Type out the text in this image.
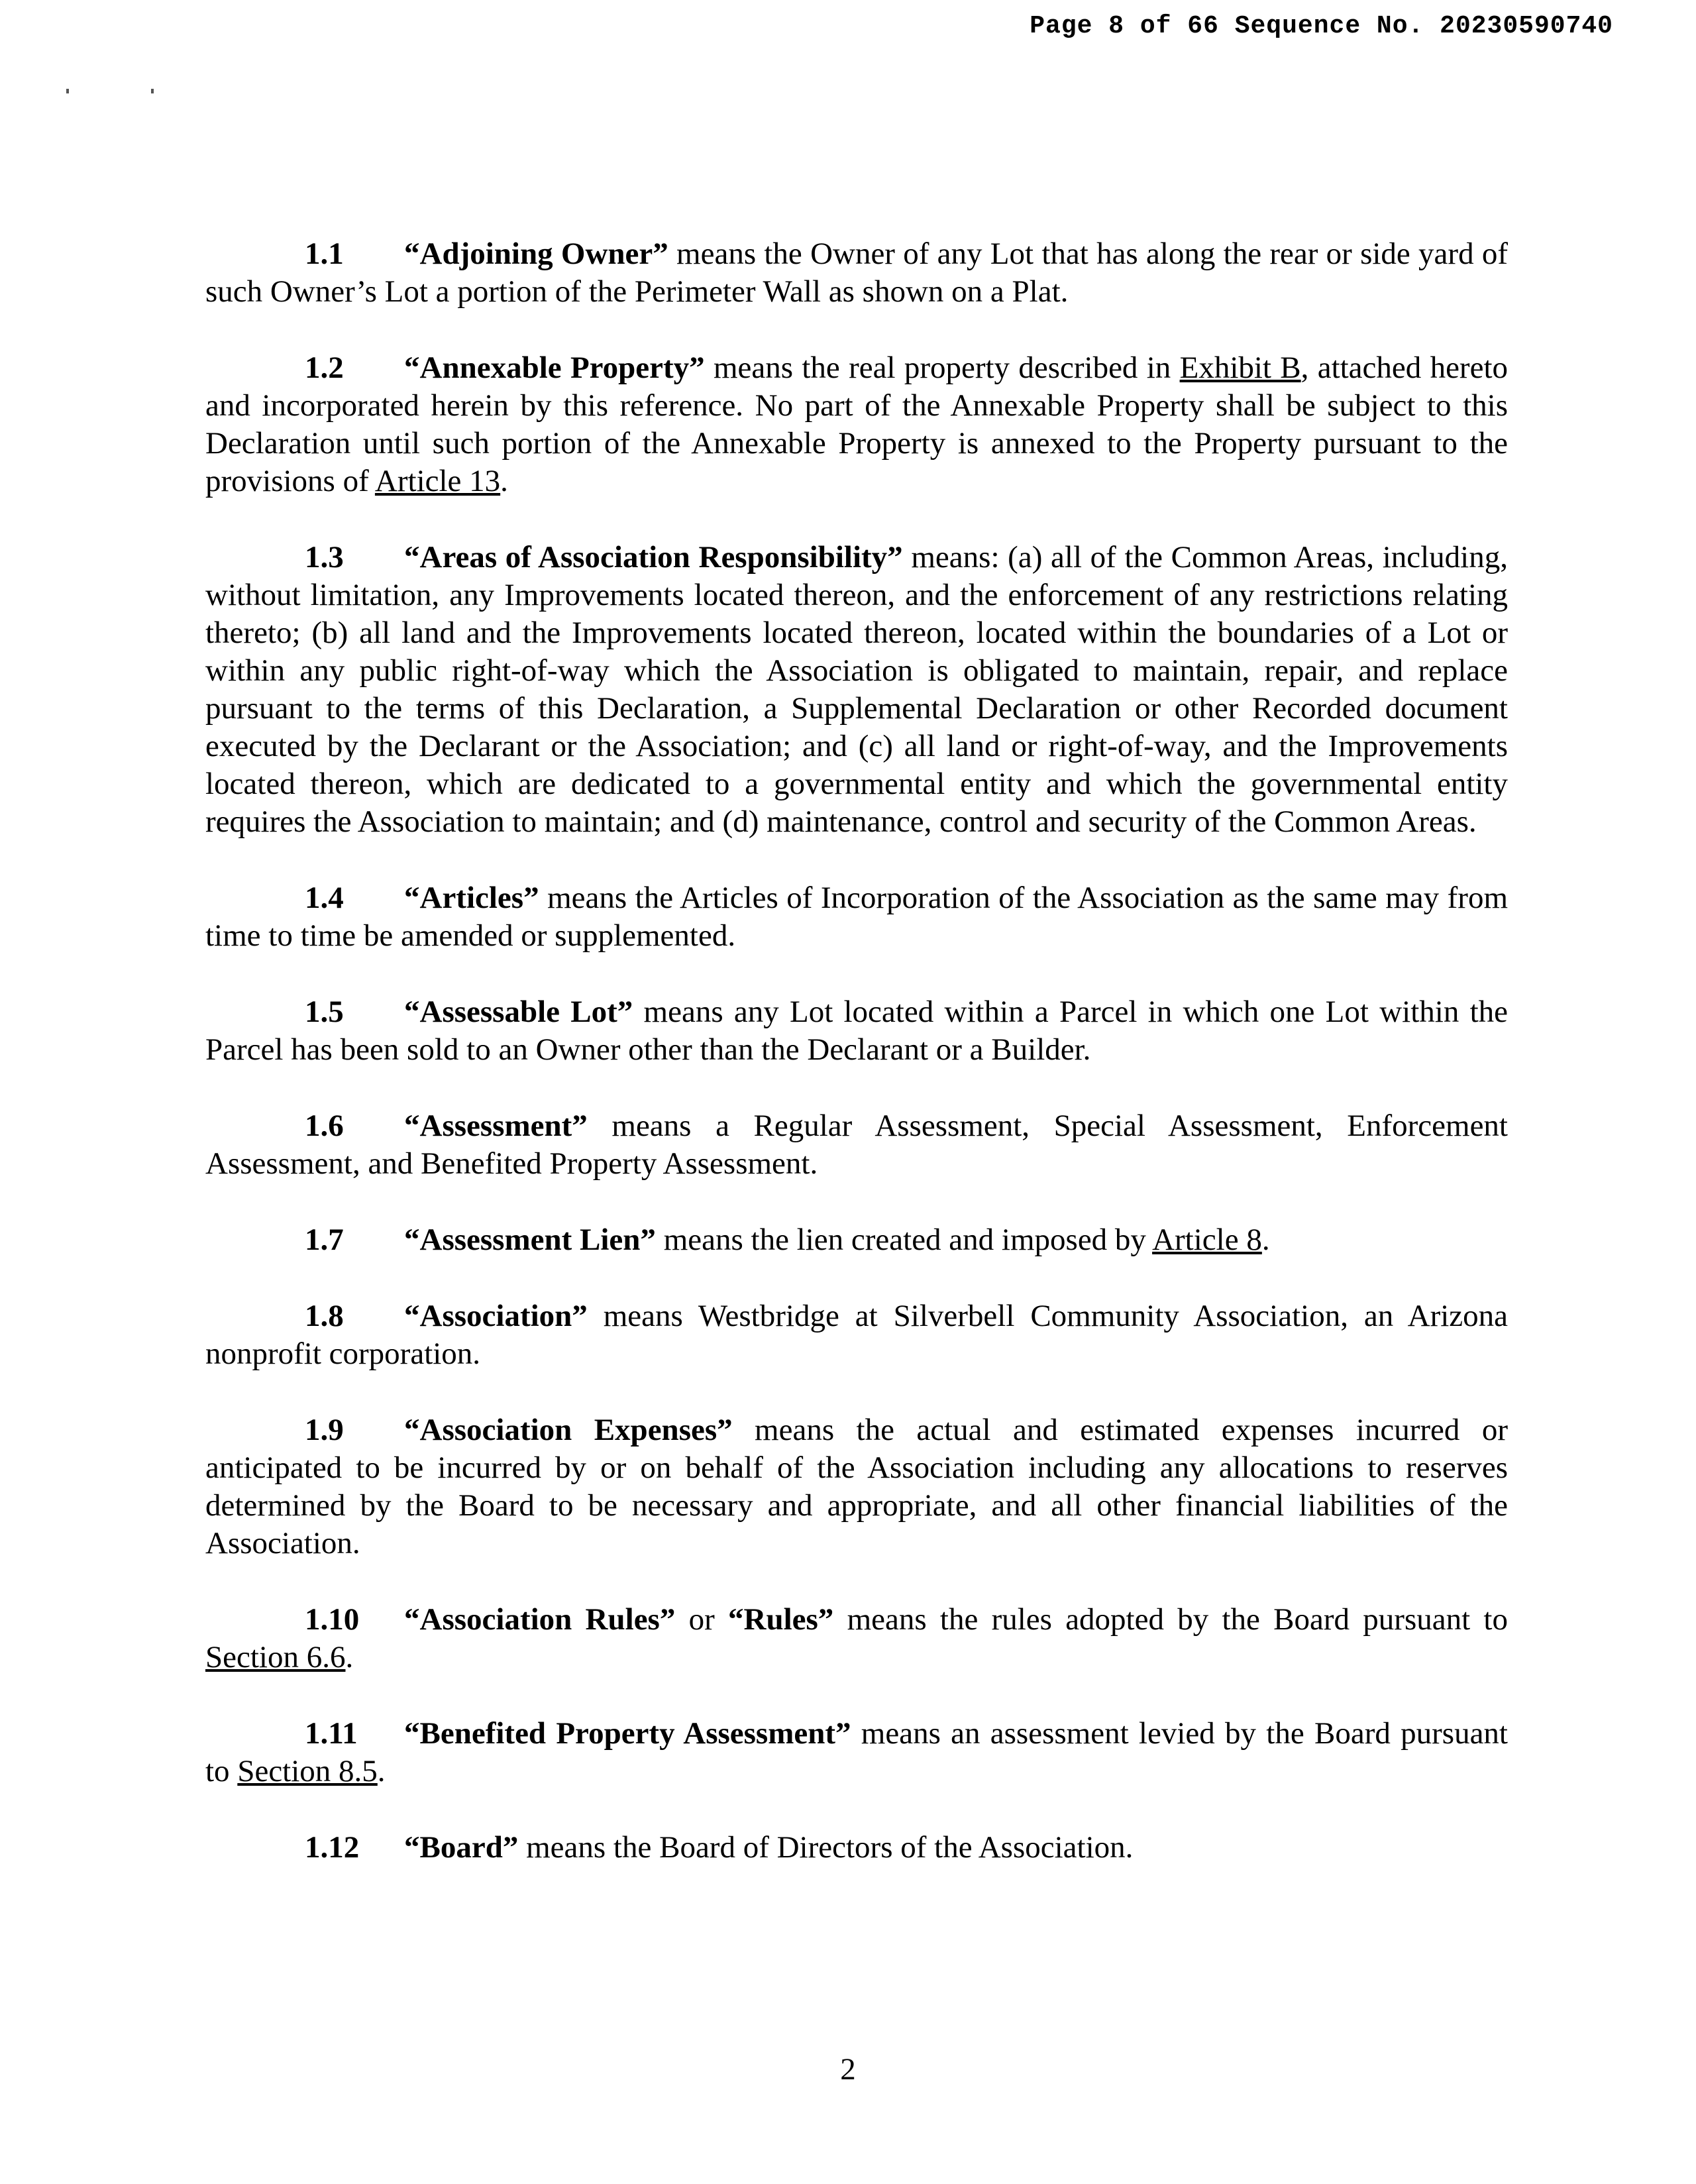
Page 8 of 66 Sequence No. 20230590740

1.1 “Adjoining Owner” means the Owner of any Lot that has along the rear or side yard of such Owner’s Lot a portion of the Perimeter Wall as shown on a Plat.

1.2 “Annexable Property” means the real property described in Exhibit B, attached hereto and incorporated herein by this reference. No part of the Annexable Property shall be subject to this Declaration until such portion of the Annexable Property is annexed to the Property pursuant to the provisions of Article 13.

1.3 “Areas of Association Responsibility” means: (a) all of the Common Areas, including, without limitation, any Improvements located thereon, and the enforcement of any restrictions relating thereto; (b) all land and the Improvements located thereon, located within the boundaries of a Lot or within any public right-of-way which the Association is obligated to maintain, repair, and replace pursuant to the terms of this Declaration, a Supplemental Declaration or other Recorded document executed by the Declarant or the Association; and (c) all land or right-of-way, and the Improvements located thereon, which are dedicated to a governmental entity and which the governmental entity requires the Association to maintain; and (d) maintenance, control and security of the Common Areas.

1.4 “Articles” means the Articles of Incorporation of the Association as the same may from time to time be amended or supplemented.

1.5 “Assessable Lot” means any Lot located within a Parcel in which one Lot within the Parcel has been sold to an Owner other than the Declarant or a Builder.

1.6 “Assessment” means a Regular Assessment, Special Assessment, Enforcement Assessment, and Benefited Property Assessment.

1.7 “Assessment Lien” means the lien created and imposed by Article 8.

1.8 “Association” means Westbridge at Silverbell Community Association, an Arizona nonprofit corporation.

1.9 “Association Expenses” means the actual and estimated expenses incurred or anticipated to be incurred by or on behalf of the Association including any allocations to reserves determined by the Board to be necessary and appropriate, and all other financial liabilities of the Association.

1.10 “Association Rules” or “Rules” means the rules adopted by the Board pursuant to Section 6.6.

1.11 “Benefited Property Assessment” means an assessment levied by the Board pursuant to Section 8.5.

1.12 “Board” means the Board of Directors of the Association.

2
